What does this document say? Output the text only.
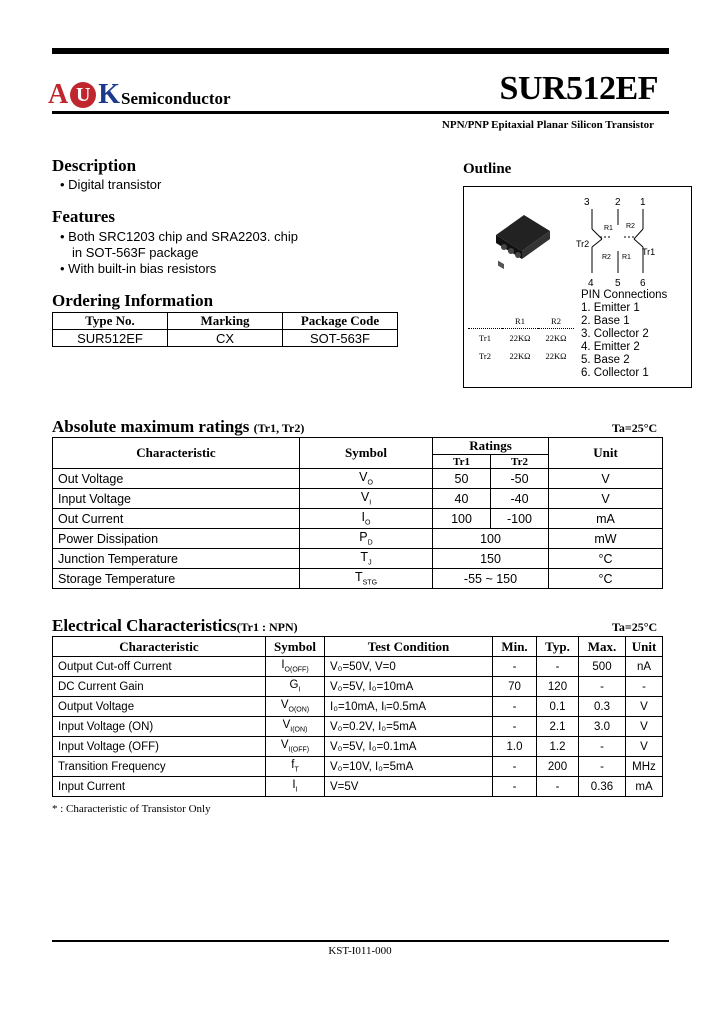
A U K Semiconductor	SUR512EF
NPN/PNP Epitaxial Planar Silicon Transistor
Description
• Digital transistor
Features
• Both SRC1203 chip and SRA2203. chip
in SOT-563F package
• With built-in bias resistors
Ordering Information
Type No.	Marking	Package Code
SUR512EF	CX	SOT-563F
Outline
3	2 1
4 5 6
Tr2
Tr1
R1 R2
R2 R1
	R1	R2
Tr1	22KΩ	22KΩ
Tr2	22KΩ	22KΩ
PIN Connections
1. Emitter 1
2. Base 1
3. Collector 2
4. Emitter 2
5. Base 2
6. Collector 1
Absolute maximum ratings (Tr1, Tr2)	Ta=25°C
Characteristic	Symbol	Ratings		Unit
		Tr1	Tr2	
Out Voltage	$V_O$	50	-50	V
Input Voltage	$V_I$	40	-40	V
Out Current	$I_O$	100	-100	mA
Power Dissipation	$P_D$	100		mW
Junction Temperature	$T_J$	150		°C
Storage Temperature	$T_{STG}$	-55 ~ 150		°C
Electrical Characteristics(Tr1 : NPN)	Ta=25°C
Characteristic	Symbol	Test Condition	Min.	Typ.	Max.	Unit
Output Cut-off Current	$I_{O(OFF)}$	V₀=50V, V=0	-	-	500	nA
DC Current Gain	$G_I$	V₀=5V, I₀=10mA	70	120	-	-
Output Voltage	$V_{O(ON)}$	I₀=10mA, Iᵢ=0.5mA	-	0.1	0.3	V
Input Voltage (ON)	$V_{I(ON)}$	V₀=0.2V, I₀=5mA	-	2.1	3.0	V
Input Voltage (OFF)	$V_{I(OFF)}$	V₀=5V, I₀=0.1mA	1.0	1.2	-	V
Transition Frequency	$f_T$	V₀=10V, I₀=5mA	-	200	-	MHz
Input Current	$I_I$	V=5V	-	-	0.36	mA
* : Characteristic of Transistor Only
KST-I011-000
